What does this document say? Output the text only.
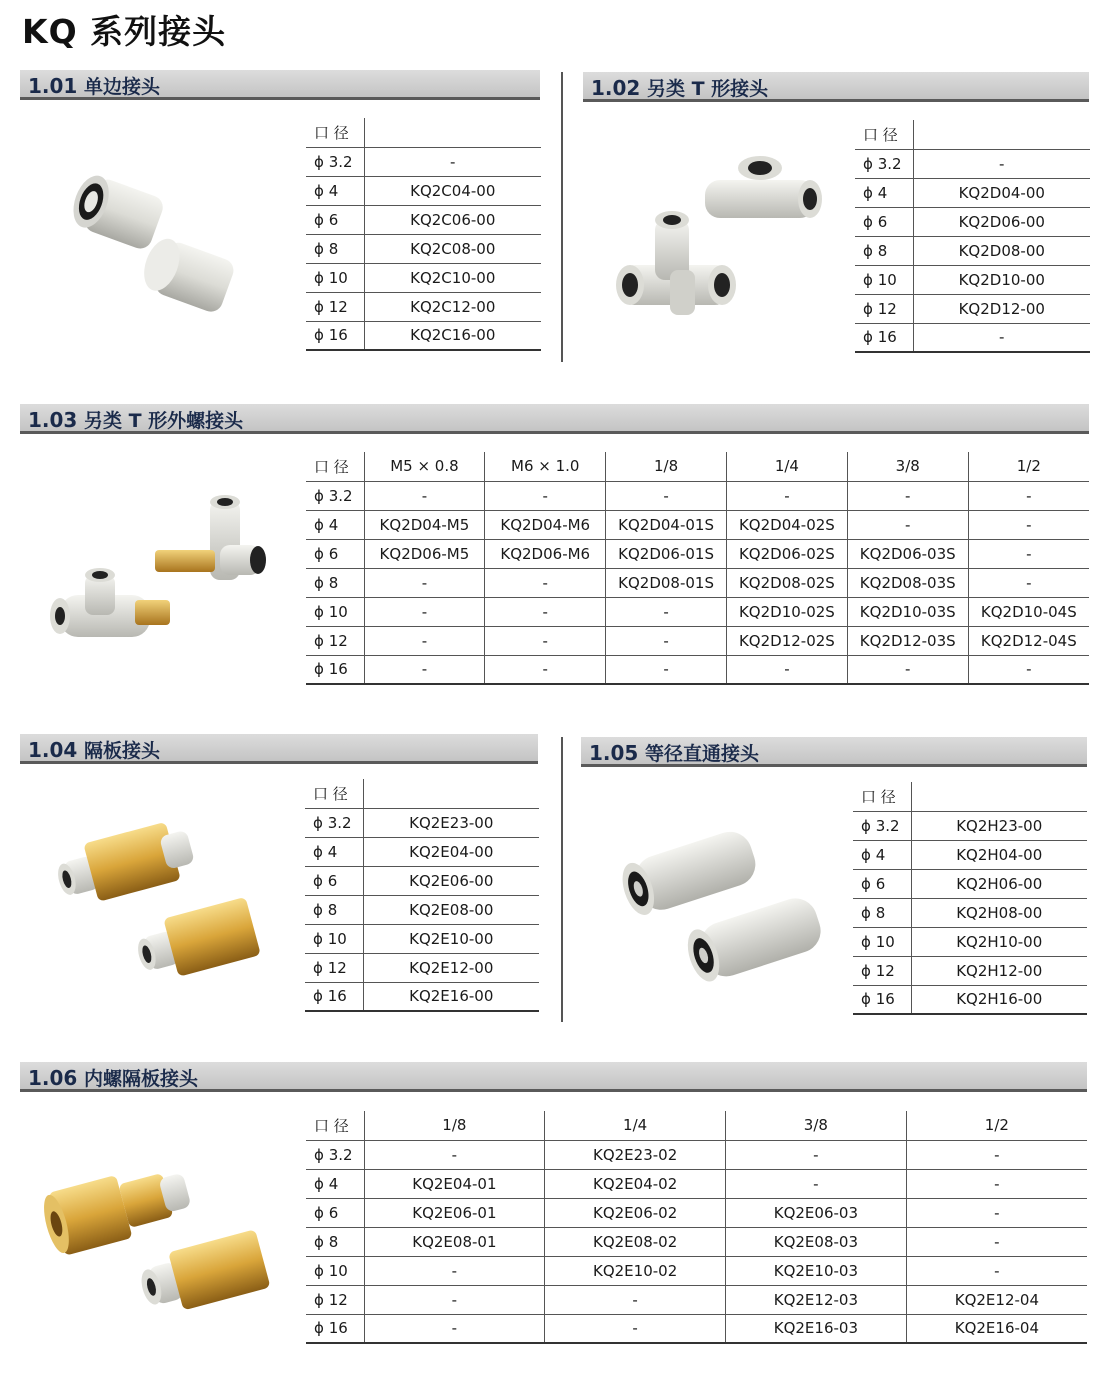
KQ 系列接头
1.01 单边接头	1.02 另类 T 形接头
1.03 另类 T 形外螺接头
1.04 隔板接头	1.05 等径直通接头
1.06 内螺隔板接头
口 径	
ϕ 3.2	-
ϕ 4	KQ2C04-00
ϕ 6	KQ2C06-00
ϕ 8	KQ2C08-00
ϕ 10	KQ2C10-00
ϕ 12	KQ2C12-00
ϕ 16	KQ2C16-00
口 径	
ϕ 3.2	-
ϕ 4	KQ2D04-00
ϕ 6	KQ2D06-00
ϕ 8	KQ2D08-00
ϕ 10	KQ2D10-00
ϕ 12	KQ2D12-00
ϕ 16	-
口 径	M5 × 0.8	M6 × 1.0	1/8	1/4	3/8	1/2
ϕ 3.2	-	-	-	-	-	-
ϕ 4	KQ2D04-M5	KQ2D04-M6	KQ2D04-01S	KQ2D04-02S	-	-
ϕ 6	KQ2D06-M5	KQ2D06-M6	KQ2D06-01S	KQ2D06-02S	KQ2D06-03S	-
ϕ 8	-	-	KQ2D08-01S	KQ2D08-02S	KQ2D08-03S	-
ϕ 10	-	-	-	KQ2D10-02S	KQ2D10-03S	KQ2D10-04S
ϕ 12	-	-	-	KQ2D12-02S	KQ2D12-03S	KQ2D12-04S
ϕ 16	-	-	-	-	-	-
口 径	
ϕ 3.2	KQ2E23-00
ϕ 4	KQ2E04-00
ϕ 6	KQ2E06-00
ϕ 8	KQ2E08-00
ϕ 10	KQ2E10-00
ϕ 12	KQ2E12-00
ϕ 16	KQ2E16-00
口 径	
ϕ 3.2	KQ2H23-00
ϕ 4	KQ2H04-00
ϕ 6	KQ2H06-00
ϕ 8	KQ2H08-00
ϕ 10	KQ2H10-00
ϕ 12	KQ2H12-00
ϕ 16	KQ2H16-00
口 径	1/8	1/4	3/8	1/2
ϕ 3.2	-	KQ2E23-02	-	-
ϕ 4	KQ2E04-01	KQ2E04-02	-	-
ϕ 6	KQ2E06-01	KQ2E06-02	KQ2E06-03	-
ϕ 8	KQ2E08-01	KQ2E08-02	KQ2E08-03	-
ϕ 10	-	KQ2E10-02	KQ2E10-03	-
ϕ 12	-	-	KQ2E12-03	KQ2E12-04
ϕ 16	-	-	KQ2E16-03	KQ2E16-04
